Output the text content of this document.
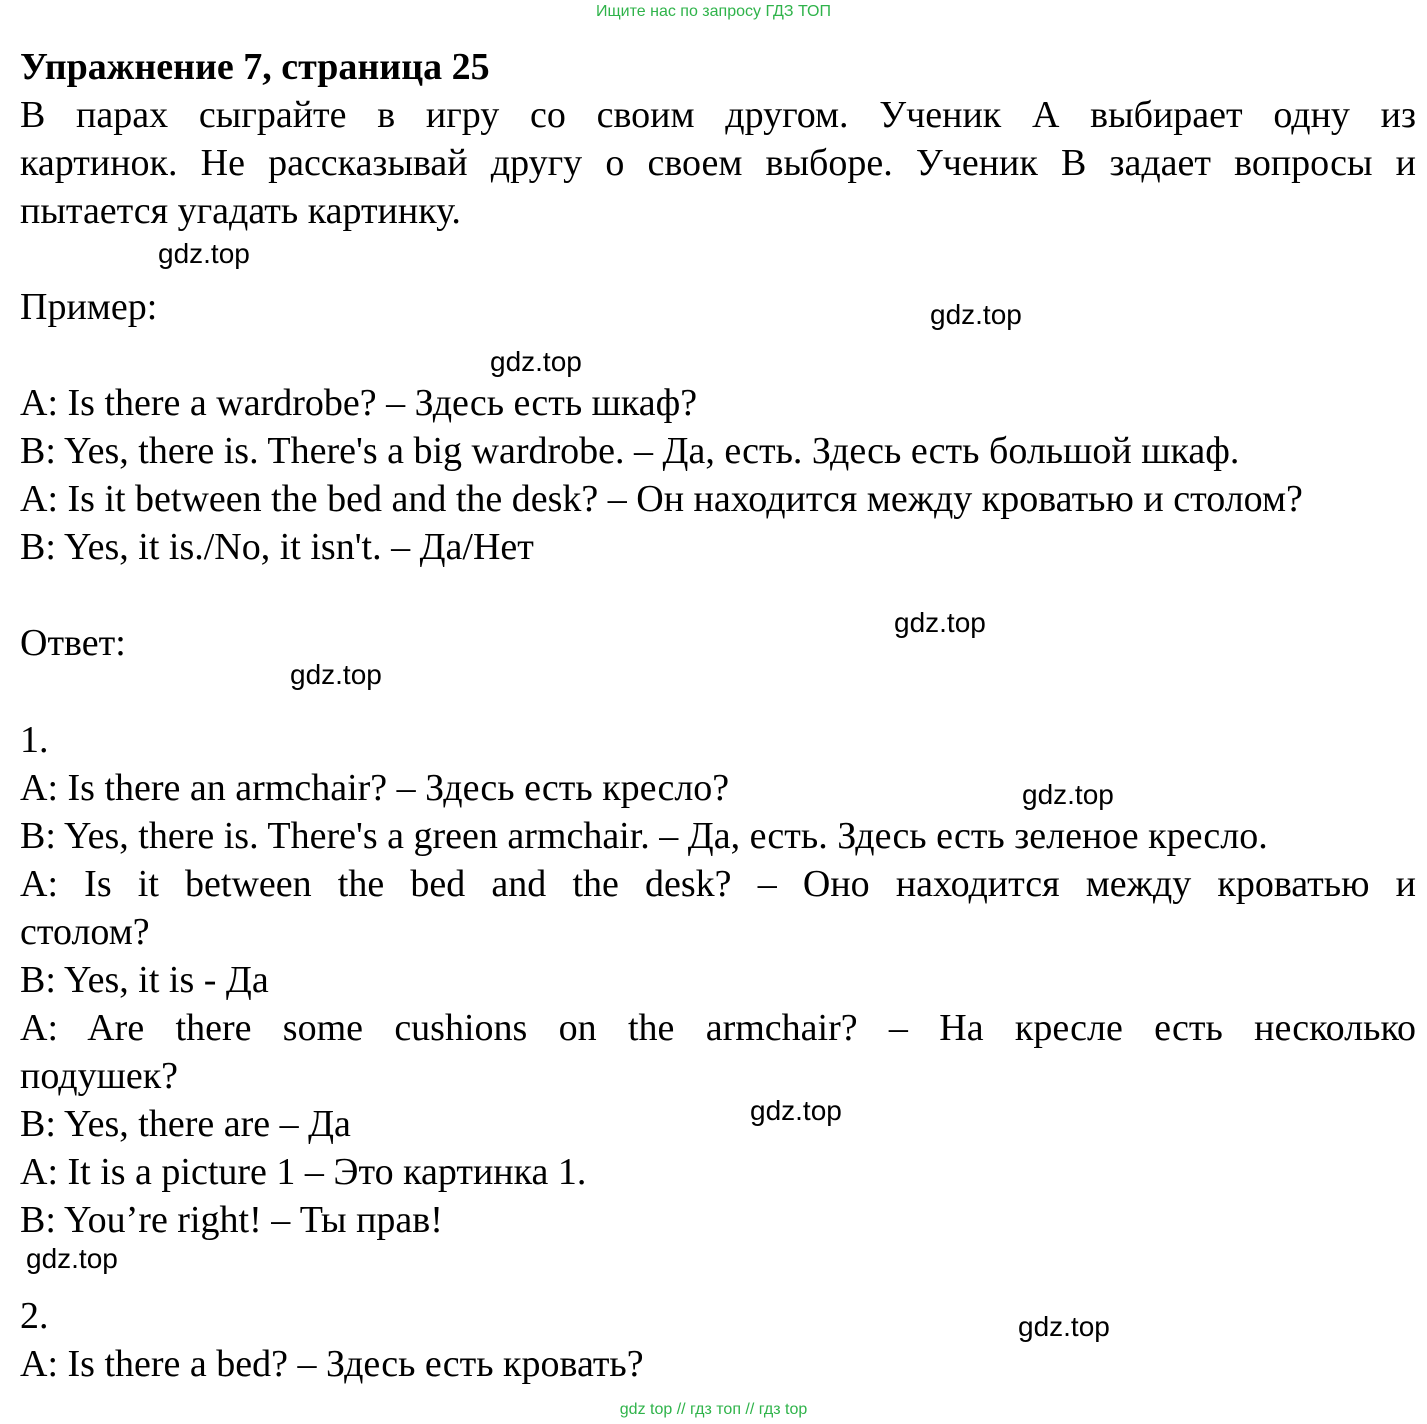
Ищите нас по запросу ГДЗ ТОП
Упражнение 7, страница 25
В парах сыграйте в игру со своим другом. Ученик А выбирает одну из
картинок. Не рассказывай другу о своем выборе. Ученик В задает вопросы и
пытается угадать картинку.
Пример:
A: Is there a wardrobe? – Здесь есть шкаф?
B: Yes, there is. There's a big wardrobe. – Да, есть. Здесь есть большой шкаф.
A: Is it between the bed and the desk? – Он находится между кроватью и столом?
B: Yes, it is./No, it isn't. – Да/Нет
Ответ:
1.
A: Is there an armchair? – Здесь есть кресло?
B: Yes, there is. There's a green armchair. – Да, есть. Здесь есть зеленое кресло.
A: Is it between the bed and the desk? – Оно находится между кроватью и
столом?
B: Yes, it is - Да
A: Are there some cushions on the armchair? – На кресле есть несколько
подушек?
B: Yes, there are – Да
A: It is a picture 1 – Это картинка 1.
B: You’re right! – Ты прав!
2.
A: Is there a bed? – Здесь есть кровать?
gdz.top
gdz.top
gdz.top
gdz.top
gdz.top
gdz.top
gdz.top
gdz.top
gdz.top
gdz top // гдз топ // гдз top
